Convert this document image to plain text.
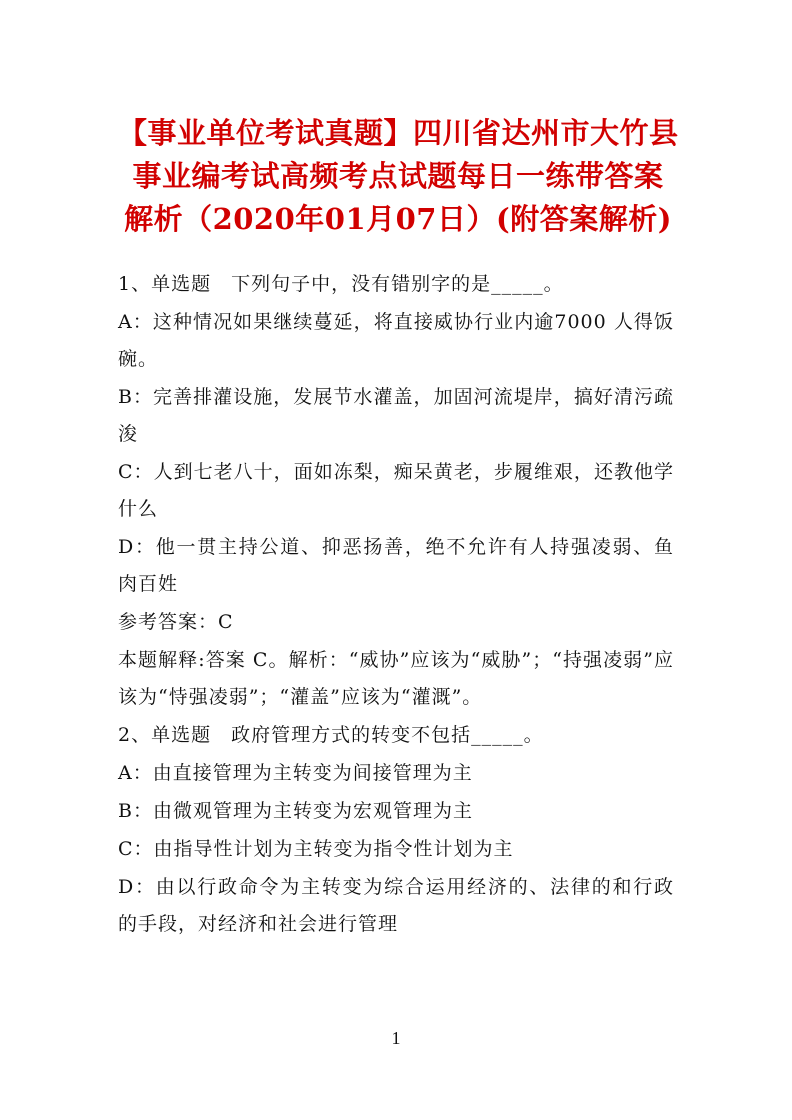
【事业单位考试真题】四川省达州市大竹县
事业编考试高频考点试题每日一练带答案
解析（2020年01月07日）(附答案解析)

1、单选题　下列句子中，没有错别字的是_____。

A：这种情况如果继续蔓延，将直接威协行业内逾7000 人得饭碗。

B：完善排灌设施，发展节水灌盖，加固河流堤岸，搞好清污疏浚

C：人到七老八十，面如冻梨，痴呆黄老，步履维艰，还教他学什么

D：他一贯主持公道、抑恶扬善，绝不允许有人持强凌弱、鱼肉百姓

参考答案：C

本题解释:答案 C。解析：“威协”应该为“威胁”；“持强凌弱”应该为“恃强凌弱”；“灌盖”应该为“灌溉”。

2、单选题　政府管理方式的转变不包括_____。

A：由直接管理为主转变为间接管理为主

B：由微观管理为主转变为宏观管理为主

C：由指导性计划为主转变为指令性计划为主

D：由以行政命令为主转变为综合运用经济的、法律的和行政的手段，对经济和社会进行管理

1
